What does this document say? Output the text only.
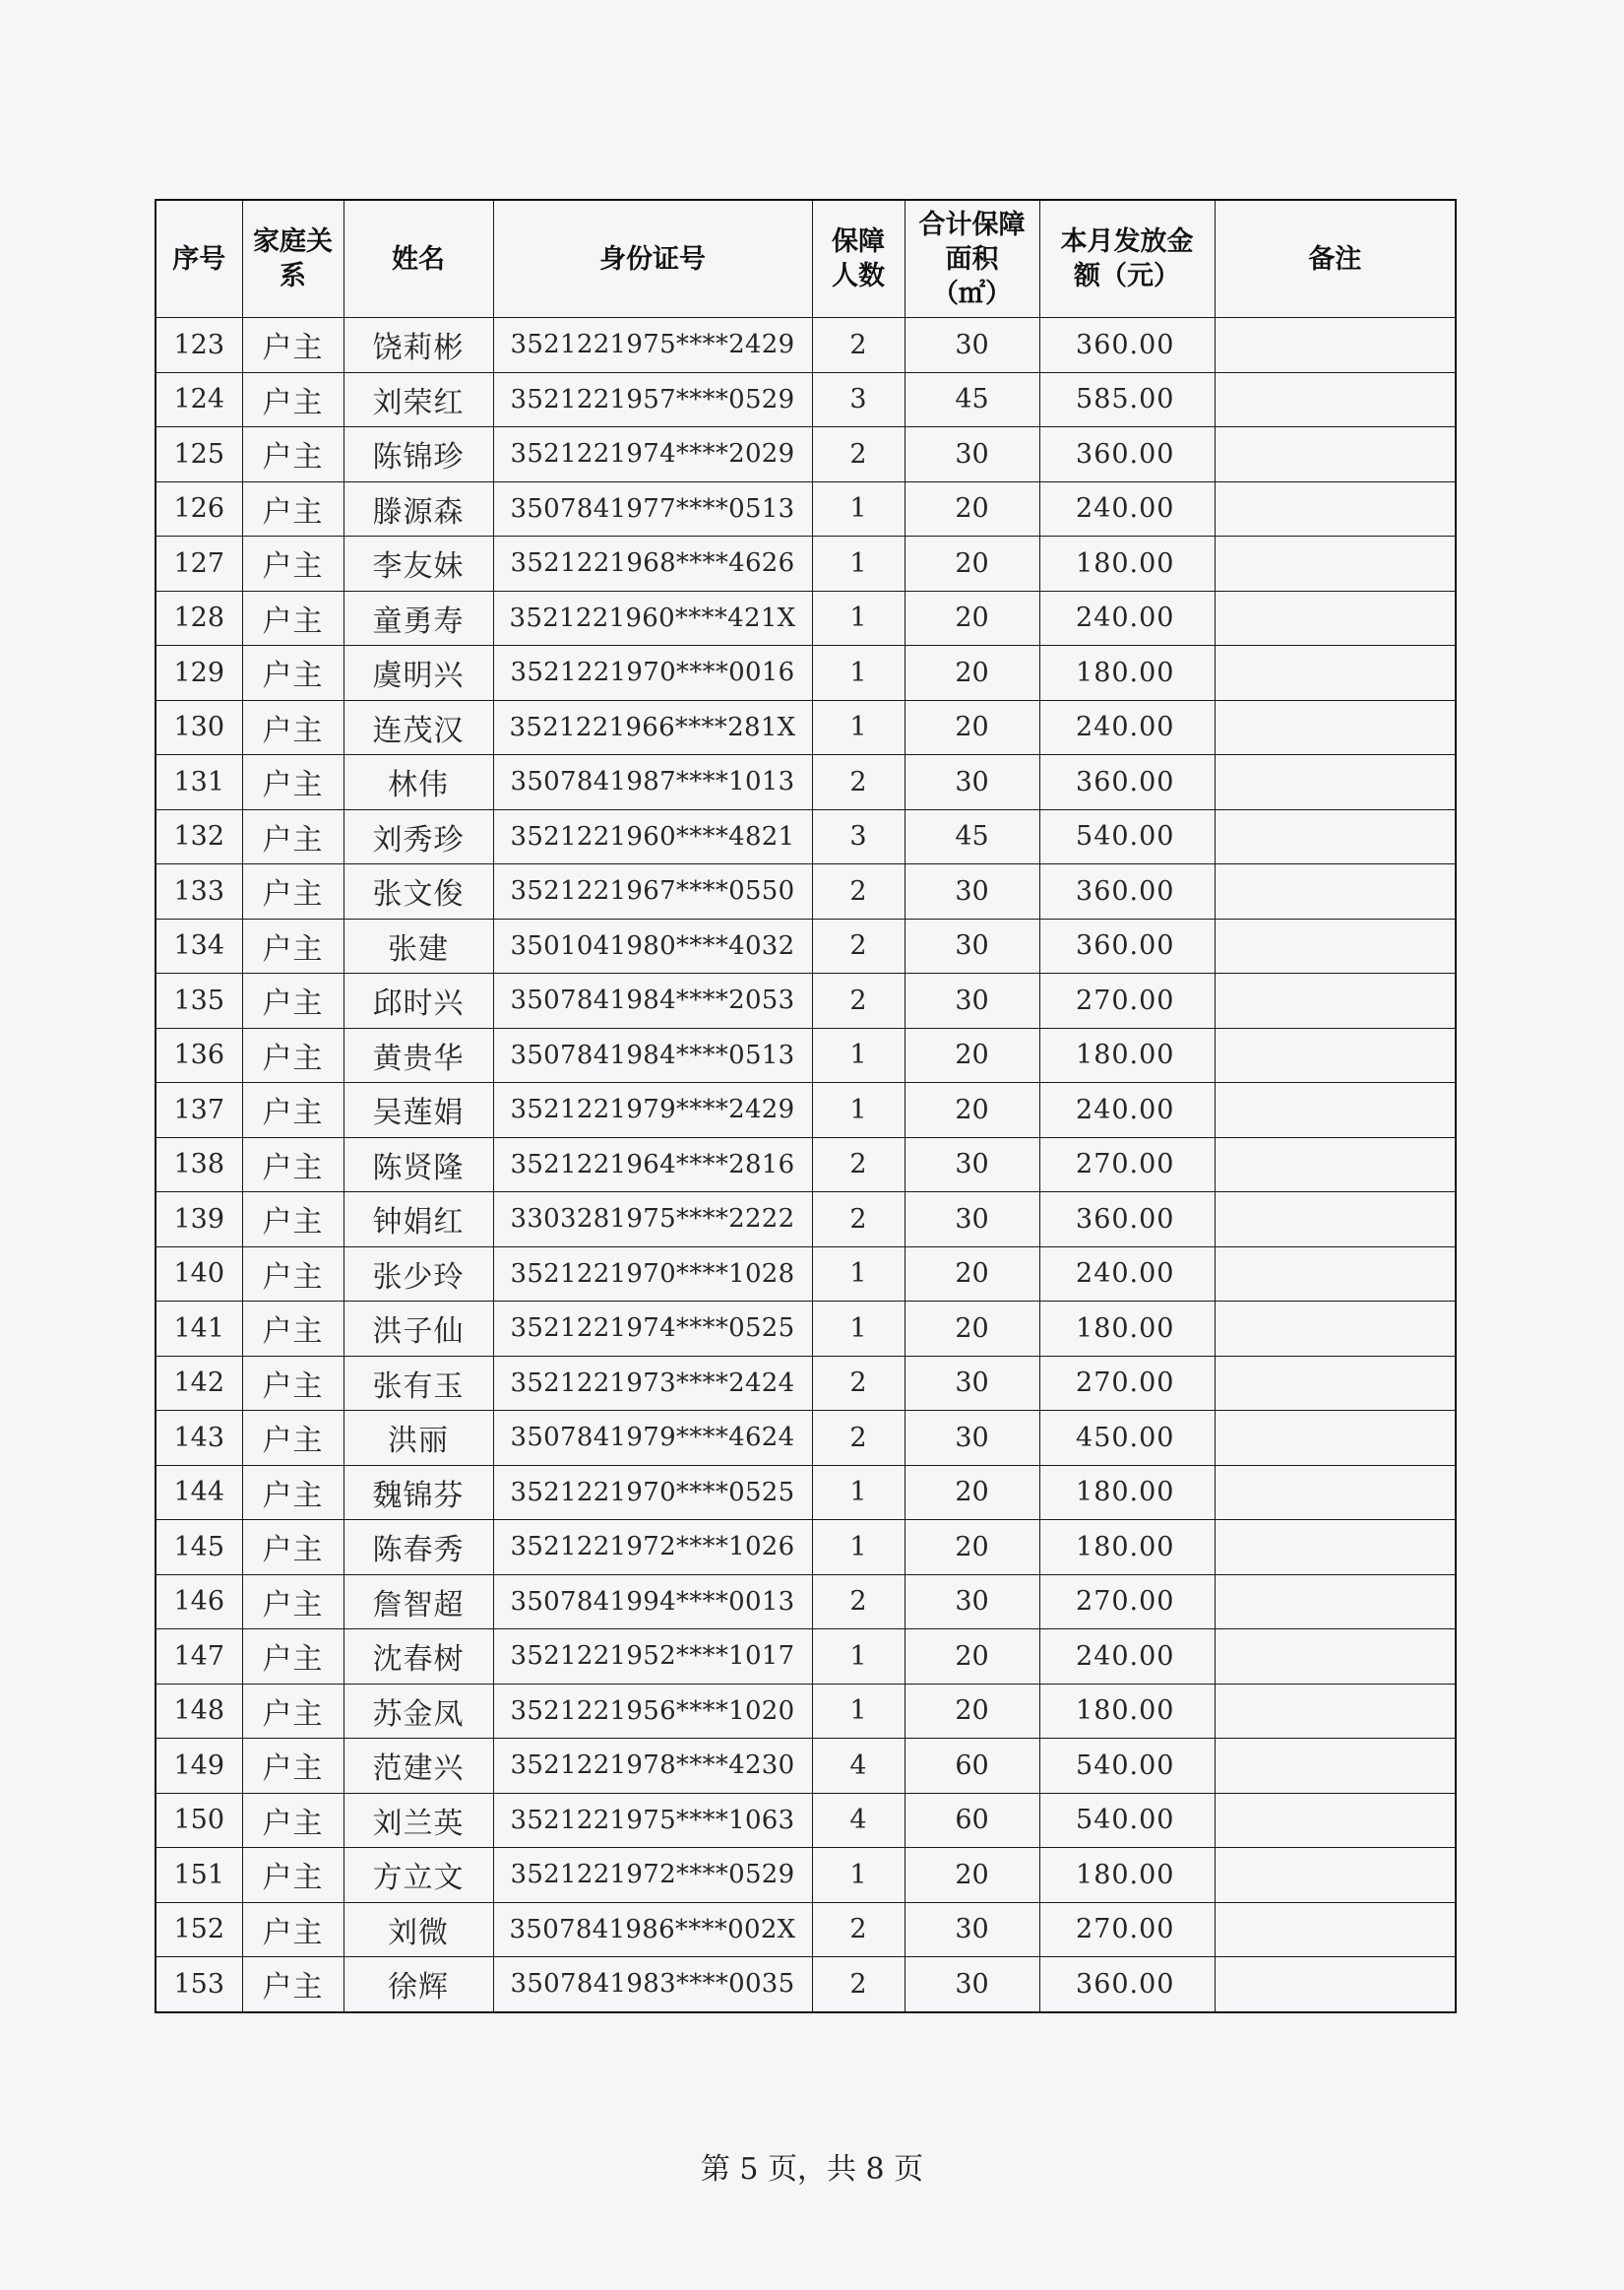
序号	家庭关系	姓名	身份证号	保障人数	合计保障面积（㎡）	本月发放金额（元）	备注
123	户主	饶莉彬	3521221975****2429	2	30	360.00	
124	户主	刘荣红	3521221957****0529	3	45	585.00	
125	户主	陈锦珍	3521221974****2029	2	30	360.00	
126	户主	滕源森	3507841977****0513	1	20	240.00	
127	户主	李友妹	3521221968****4626	1	20	180.00	
128	户主	童勇寿	3521221960****421X	1	20	240.00	
129	户主	虞明兴	3521221970****0016	1	20	180.00	
130	户主	连茂汉	3521221966****281X	1	20	240.00	
131	户主	林伟	3507841987****1013	2	30	360.00	
132	户主	刘秀珍	3521221960****4821	3	45	540.00	
133	户主	张文俊	3521221967****0550	2	30	360.00	
134	户主	张建	3501041980****4032	2	30	360.00	
135	户主	邱时兴	3507841984****2053	2	30	270.00	
136	户主	黄贵华	3507841984****0513	1	20	180.00	
137	户主	吴莲娟	3521221979****2429	1	20	240.00	
138	户主	陈贤隆	3521221964****2816	2	30	270.00	
139	户主	钟娟红	3303281975****2222	2	30	360.00	
140	户主	张少玲	3521221970****1028	1	20	240.00	
141	户主	洪子仙	3521221974****0525	1	20	180.00	
142	户主	张有玉	3521221973****2424	2	30	270.00	
143	户主	洪丽	3507841979****4624	2	30	450.00	
144	户主	魏锦芬	3521221970****0525	1	20	180.00	
145	户主	陈春秀	3521221972****1026	1	20	180.00	
146	户主	詹智超	3507841994****0013	2	30	270.00	
147	户主	沈春树	3521221952****1017	1	20	240.00	
148	户主	苏金凤	3521221956****1020	1	20	180.00	
149	户主	范建兴	3521221978****4230	4	60	540.00	
150	户主	刘兰英	3521221975****1063	4	60	540.00	
151	户主	方立文	3521221972****0529	1	20	180.00	
152	户主	刘微	3507841986****002X	2	30	270.00	
153	户主	徐辉	3507841983****0035	2	30	360.00	
第 5 页，共 8 页
